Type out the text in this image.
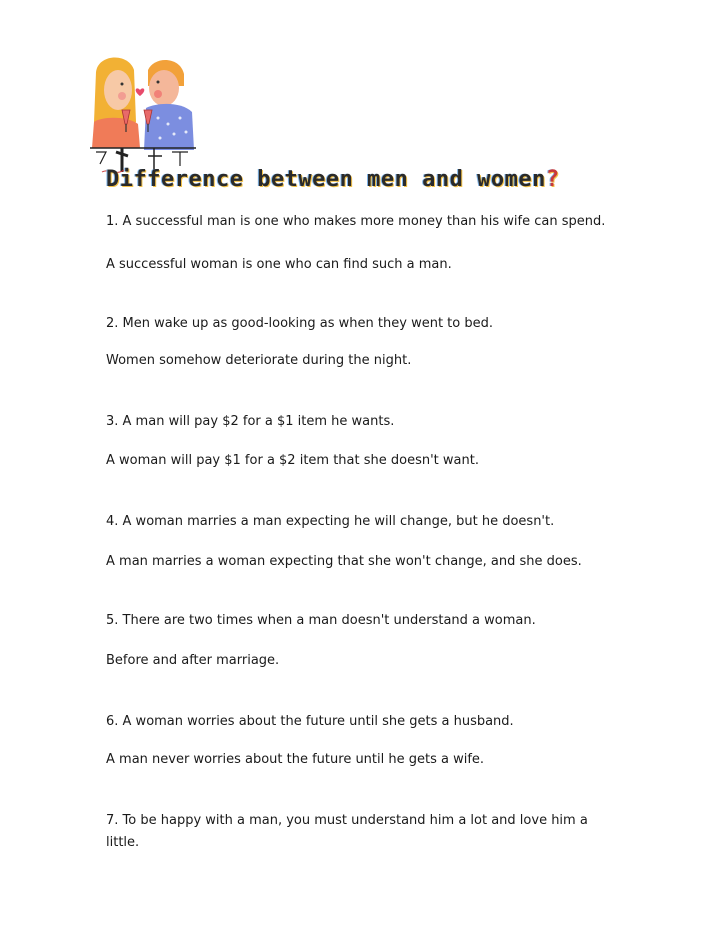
Difference between men and women?

1. A successful man is one who makes more money than his wife can spend.

A successful woman is one who can find such a man.

2. Men wake up as good-looking as when they went to bed.

Women somehow deteriorate during the night.

3. A man will pay $2 for a $1 item he wants.

A woman will pay $1 for a $2 item that she doesn't want.

4. A woman marries a man expecting he will change, but he doesn't.

A man marries a woman expecting that she won't change, and she does.

5. There are two times when a man doesn't understand a woman.

Before and after marriage.

6. A woman worries about the future until she gets a husband.

A man never worries about the future until he gets a wife.

7. To be happy with a man, you must understand him a lot and love him a little.
